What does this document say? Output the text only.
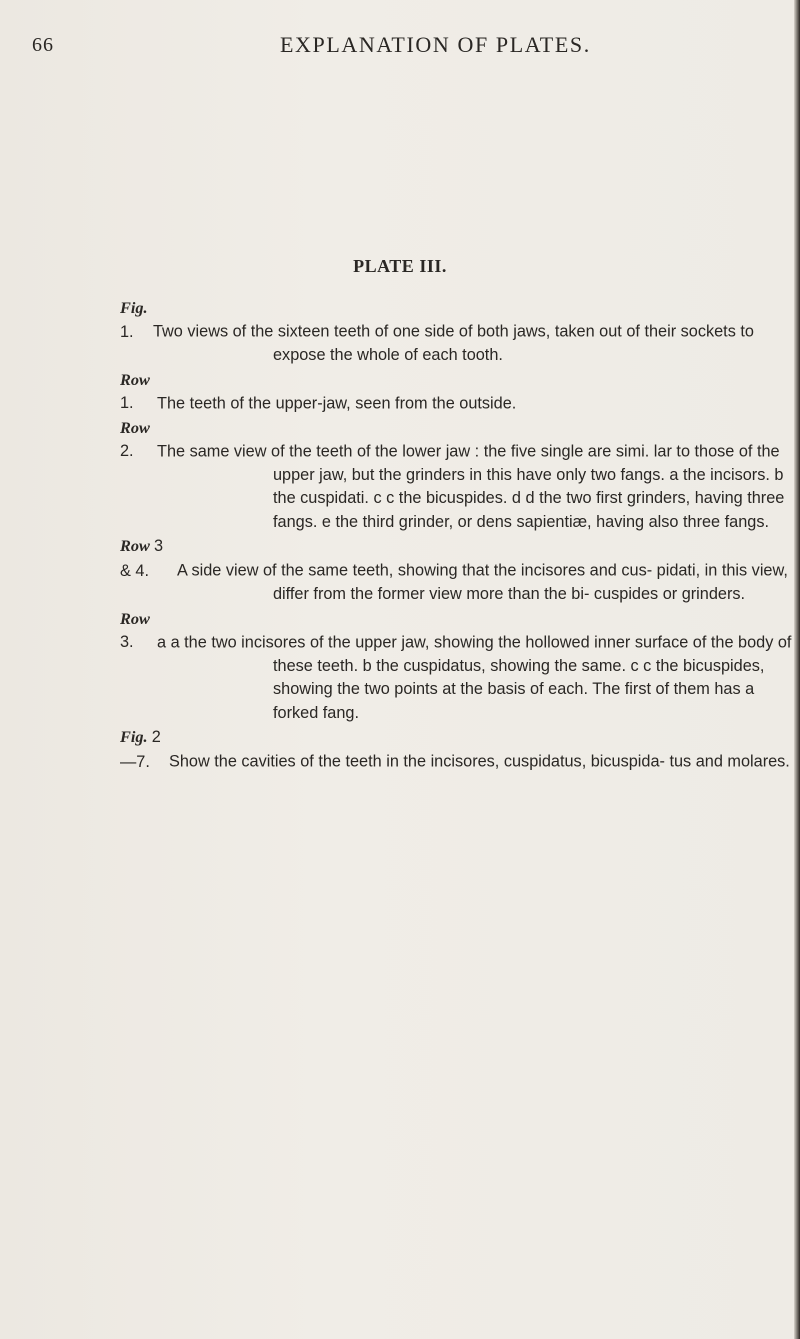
66	EXPLANATION OF PLATES.
PLATE III.
Fig. 1. Two views of the sixteen teeth of one side of both jaws, taken out of their sockets to expose the whole of each tooth.
Row 1. The teeth of the upper-jaw, seen from the outside.
Row 2. The same view of the teeth of the lower jaw : the five single are simi. lar to those of the upper jaw, but the grinders in this have only two fangs. a the incisors. b the cuspidati. c c the bicuspides. d d the two first grinders, having three fangs. e the third grinder, or dens sapientiæ, having also three fangs.
Row 3 & 4. A side view of the same teeth, showing that the incisores and cus- pidati, in this view, differ from the former view more than the bi- cuspides or grinders.
Row 3. a a the two incisores of the upper jaw, showing the hollowed inner surface of the body of these teeth. b the cuspidatus, showing the same. c c the bicuspides, showing the two points at the basis of each. The first of them has a forked fang.
Fig. 2—7. Show the cavities of the teeth in the incisores, cuspidatus, bicuspida- tus and molares.
